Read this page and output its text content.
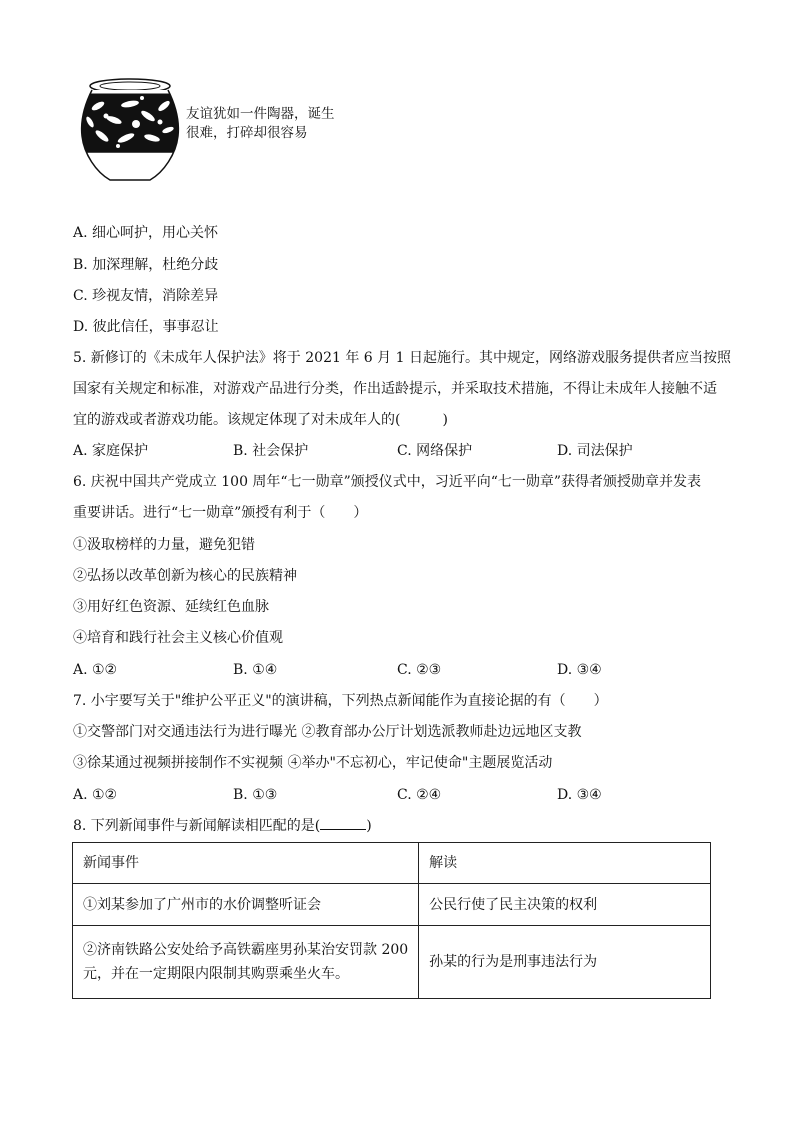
友谊犹如一件陶器，诞生
很难，打碎却很容易
A. 细心呵护，用心关怀
B. 加深理解，杜绝分歧
C. 珍视友情，消除差异
D. 彼此信任，事事忍让
5. 新修订的《未成年人保护法》将于 2021 年 6 月 1 日起施行。其中规定，网络游戏服务提供者应当按照
国家有关规定和标准，对游戏产品进行分类，作出适龄提示，并采取技术措施，不得让未成年人接触不适
宜的游戏或者游戏功能。该规定体现了对未成年人的(　　　)
A. 家庭保护	B. 社会保护	C. 网络保护	D. 司法保护
6. 庆祝中国共产党成立 100 周年“七一勋章”颁授仪式中，习近平向“七一勋章”获得者颁授勋章并发表
重要讲话。进行“七一勋章”颁授有利于（　　）
①汲取榜样的力量，避免犯错
②弘扬以改革创新为核心的民族精神
③用好红色资源、延续红色血脉
④培育和践行社会主义核心价值观
A. ①②	B. ①④	C. ②③	D. ③④
7. 小宇要写关于"维护公平正义"的演讲稿，下列热点新闻能作为直接论据的有（　　）
①交警部门对交通违法行为进行曝光 ②教育部办公厅计划选派教师赴边远地区支教
③徐某通过视频拼接制作不实视频 ④举办"不忘初心，牢记使命"主题展览活动
A. ①②	B. ①③	C. ②④	D. ③④
8. 下列新闻事件与新闻解读相匹配的是(	)
新闻事件	解读
①刘某参加了广州市的水价调整听证会	公民行使了民主决策的权利

②济南铁路公安处给予高铁霸座男孙某治安罚款 200
元，并在一定期限内限制其购票乘坐火车。	孙某的行为是刑事违法行为
